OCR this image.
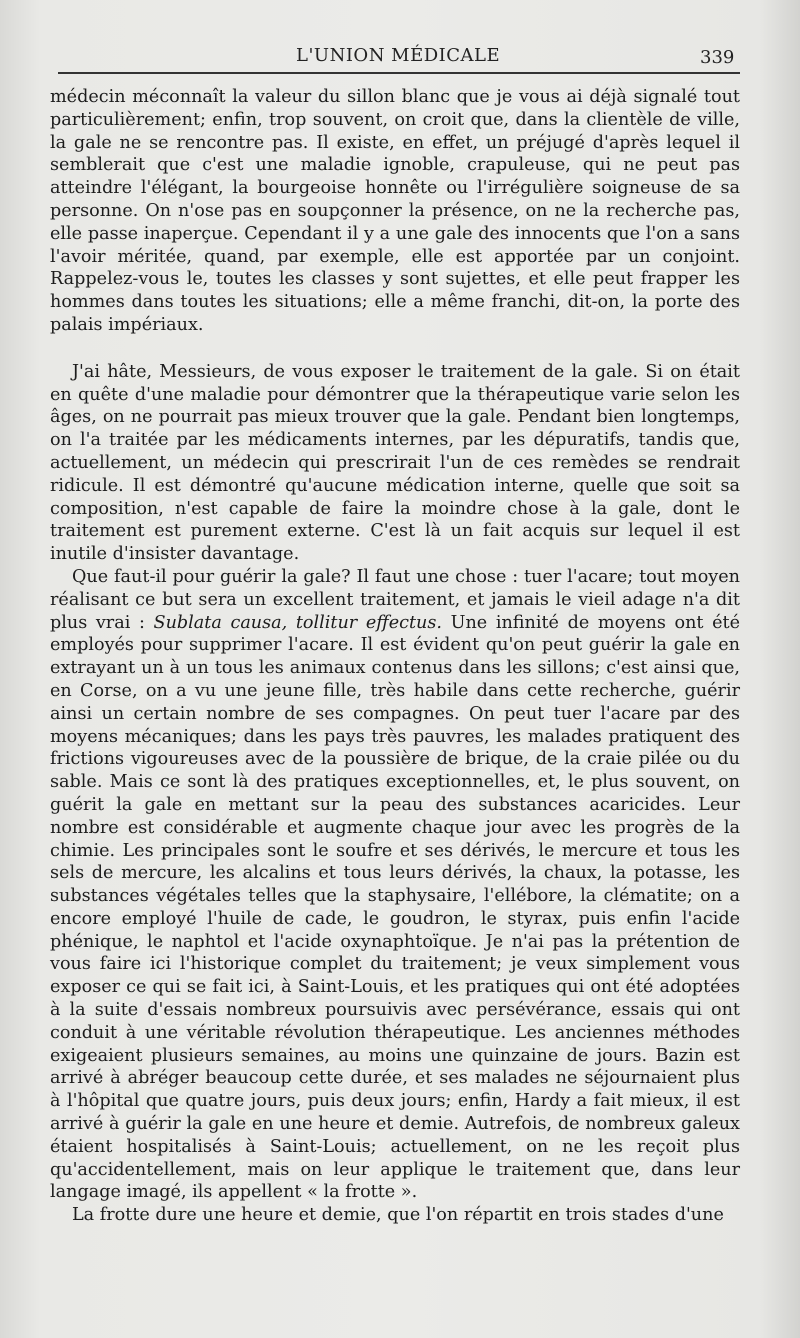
L'UNION MÉDICALE	339

médecin méconnaît la valeur du sillon blanc que je vous ai déjà signalé tout particulièrement; enfin, trop souvent, on croit que, dans la clientèle de ville, la gale ne se rencontre pas. Il existe, en effet, un préjugé d'après lequel il semblerait que c'est une maladie ignoble, crapuleuse, qui ne peut pas atteindre l'élégant, la bourgeoise honnête ou l'irrégulière soigneuse de sa personne. On n'ose pas en soupçonner la présence, on ne la recherche pas, elle passe inaperçue. Cependant il y a une gale des innocents que l'on a sans l'avoir méritée, quand, par exemple, elle est apportée par un conjoint. Rappelez-vous le, toutes les classes y sont sujettes, et elle peut frapper les hommes dans toutes les situations; elle a même franchi, dit-on, la porte des palais impériaux.

J'ai hâte, Messieurs, de vous exposer le traitement de la gale. Si on était en quête d'une maladie pour démontrer que la thérapeutique varie selon les âges, on ne pourrait pas mieux trouver que la gale. Pendant bien longtemps, on l'a traitée par les médicaments internes, par les dépuratifs, tandis que, actuellement, un médecin qui prescrirait l'un de ces remèdes se rendrait ridicule. Il est démontré qu'aucune médication interne, quelle que soit sa composition, n'est capable de faire la moindre chose à la gale, dont le traitement est purement externe. C'est là un fait acquis sur lequel il est inutile d'insister davantage.

Que faut-il pour guérir la gale? Il faut une chose : tuer l'acare; tout moyen réalisant ce but sera un excellent traitement, et jamais le vieil adage n'a dit plus vrai : Sublata causa, tollitur effectus. Une infinité de moyens ont été employés pour supprimer l'acare. Il est évident qu'on peut guérir la gale en extrayant un à un tous les animaux contenus dans les sillons; c'est ainsi que, en Corse, on a vu une jeune fille, très habile dans cette recherche, guérir ainsi un certain nombre de ses compagnes. On peut tuer l'acare par des moyens mécaniques; dans les pays très pauvres, les malades pratiquent des frictions vigoureuses avec de la poussière de brique, de la craie pilée ou du sable. Mais ce sont là des pratiques exceptionnelles, et, le plus souvent, on guérit la gale en mettant sur la peau des substances acaricides. Leur nombre est considérable et augmente chaque jour avec les progrès de la chimie. Les principales sont le soufre et ses dérivés, le mercure et tous les sels de mercure, les alcalins et tous leurs dérivés, la chaux, la potasse, les substances végétales telles que la staphysaire, l'ellébore, la clématite; on a encore employé l'huile de cade, le goudron, le styrax, puis enfin l'acide phénique, le naphtol et l'acide oxynaphtoïque. Je n'ai pas la prétention de vous faire ici l'historique complet du traitement; je veux simplement vous exposer ce qui se fait ici, à Saint-Louis, et les pratiques qui ont été adoptées à la suite d'essais nombreux poursuivis avec persévérance, essais qui ont conduit à une véritable révolution thérapeutique. Les anciennes méthodes exigeaient plusieurs semaines, au moins une quinzaine de jours. Bazin est arrivé à abréger beaucoup cette durée, et ses malades ne séjournaient plus à l'hôpital que quatre jours, puis deux jours; enfin, Hardy a fait mieux, il est arrivé à guérir la gale en une heure et demie. Autrefois, de nombreux galeux étaient hospitalisés à Saint-Louis; actuellement, on ne les reçoit plus qu'accidentellement, mais on leur applique le traitement que, dans leur langage imagé, ils appellent « la frotte ».

La frotte dure une heure et demie, que l'on répartit en trois stades d'une
